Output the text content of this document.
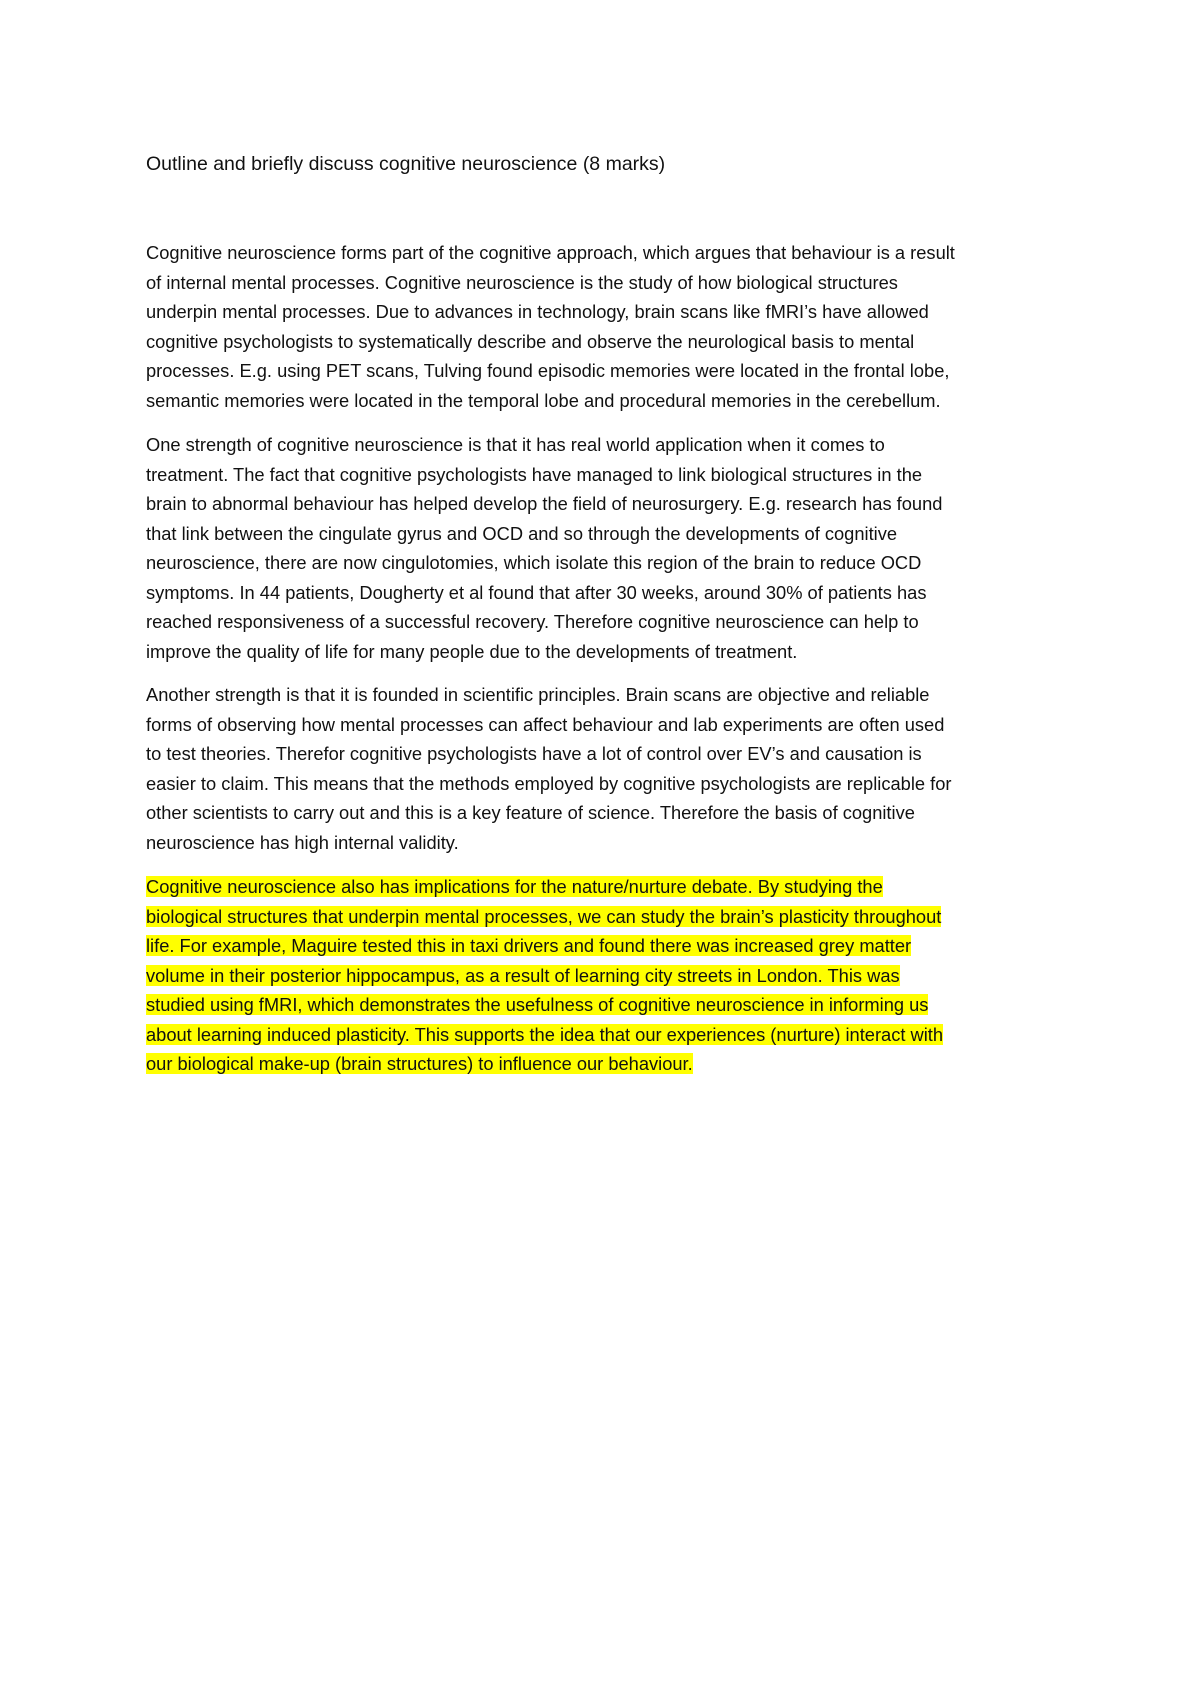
Outline and briefly discuss cognitive neuroscience (8 marks)

Cognitive neuroscience forms part of the cognitive approach, which argues that behaviour is a result
of internal mental processes. Cognitive neuroscience is the study of how biological structures
underpin mental processes. Due to advances in technology, brain scans like fMRI’s have allowed
cognitive psychologists to systematically describe and observe the neurological basis to mental
processes. E.g. using PET scans, Tulving found episodic memories were located in the frontal lobe,
semantic memories were located in the temporal lobe and procedural memories in the cerebellum.
One strength of cognitive neuroscience is that it has real world application when it comes to
treatment. The fact that cognitive psychologists have managed to link biological structures in the
brain to abnormal behaviour has helped develop the field of neurosurgery. E.g. research has found
that link between the cingulate gyrus and OCD and so through the developments of cognitive
neuroscience, there are now cingulotomies, which isolate this region of the brain to reduce OCD
symptoms. In 44 patients, Dougherty et al found that after 30 weeks, around 30% of patients has
reached responsiveness of a successful recovery. Therefore cognitive neuroscience can help to
improve the quality of life for many people due to the developments of treatment.
Another strength is that it is founded in scientific principles. Brain scans are objective and reliable
forms of observing how mental processes can affect behaviour and lab experiments are often used
to test theories. Therefor cognitive psychologists have a lot of control over EV’s and causation is
easier to claim. This means that the methods employed by cognitive psychologists are replicable for
other scientists to carry out and this is a key feature of science. Therefore the basis of cognitive
neuroscience has high internal validity.
Cognitive neuroscience also has implications for the nature/nurture debate. By studying the
biological structures that underpin mental processes, we can study the brain’s plasticity throughout
life. For example, Maguire tested this in taxi drivers and found there was increased grey matter
volume in their posterior hippocampus, as a result of learning city streets in London. This was
studied using fMRI, which demonstrates the usefulness of cognitive neuroscience in informing us
about learning induced plasticity. This supports the idea that our experiences (nurture) interact with
our biological make-up (brain structures) to influence our behaviour.
